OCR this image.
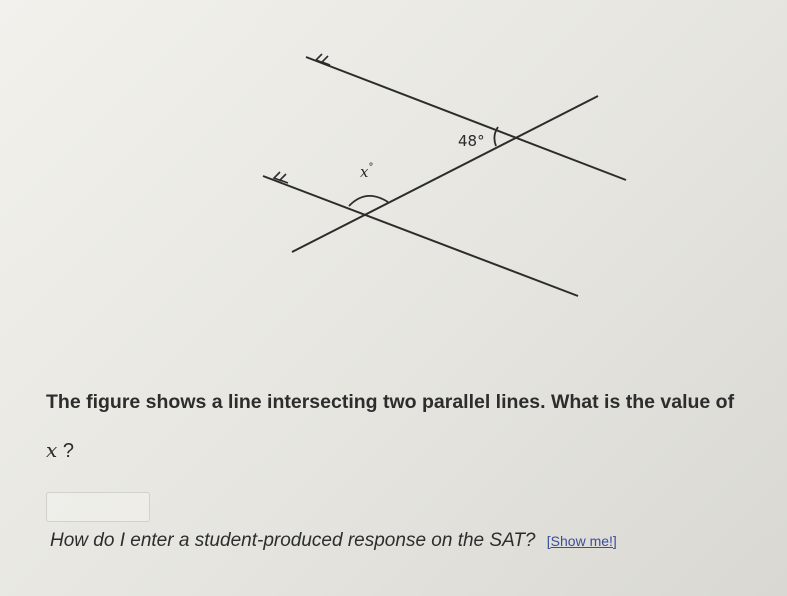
48°
x°
The figure shows a line intersecting two parallel lines. What is the value of
x ?
How do I enter a student-produced response on the SAT? [Show me!]
